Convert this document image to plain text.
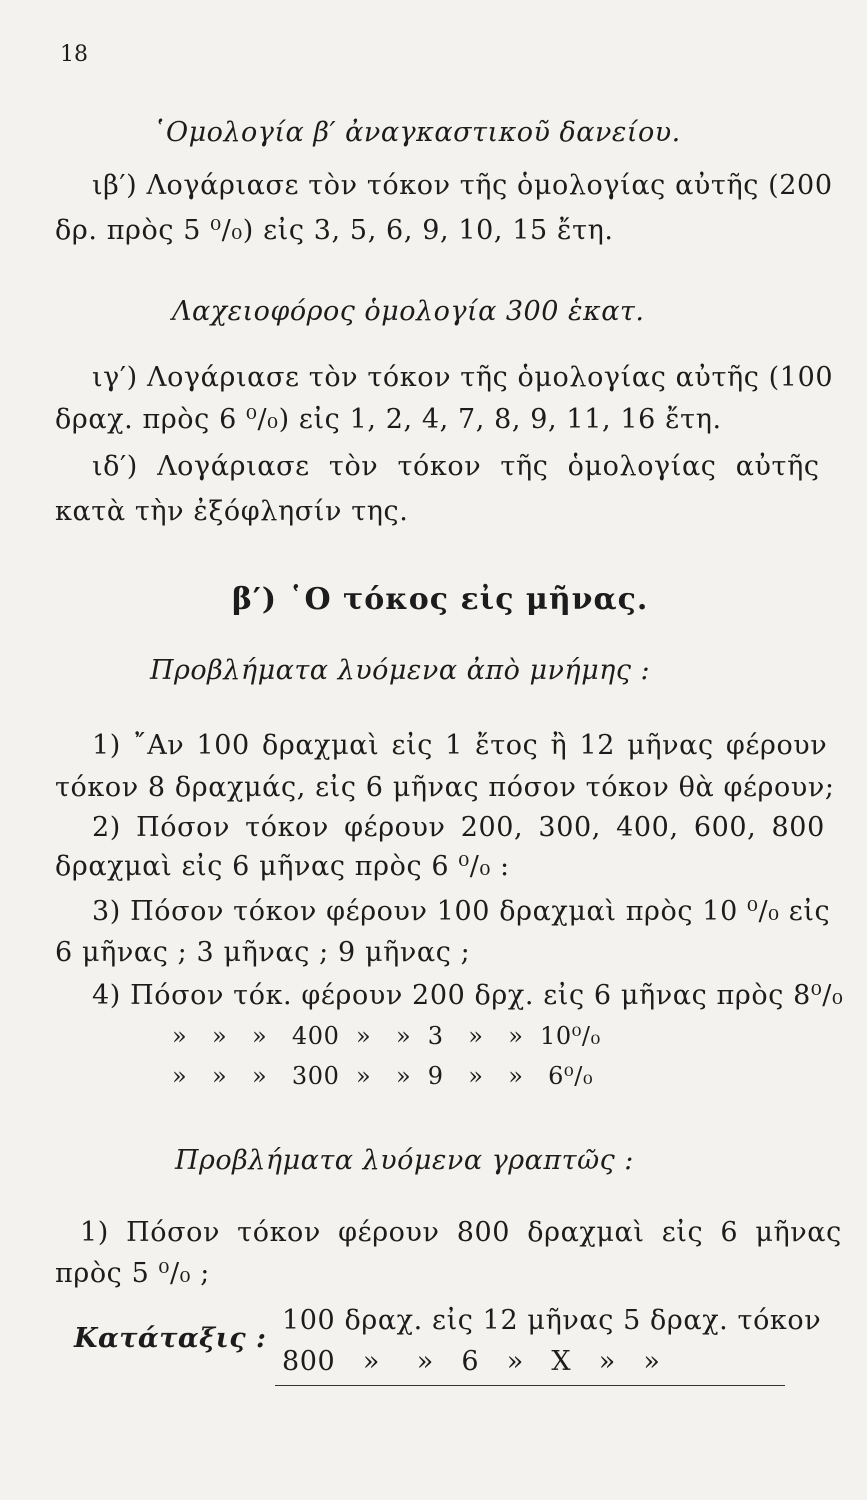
18
῾Ομολογία β′ ἀναγκαστικοῦ δανείου.
ιβ′) Λογάριασε τὸν τόκον τῆς ὁμολογίας αὐτῆς (200
δρ. πρὸς 5 ⁰/₀) εἰς 3, 5, 6, 9, 10, 15 ἔτη.
Λαχειοφόρος ὁμολογία 300 ἑκατ.
ιγ′) Λογάριασε τὸν τόκον τῆς ὁμολογίας αὐτῆς (100
δραχ. πρὸς 6 ⁰/₀) εἰς 1, 2, 4, 7, 8, 9, 11, 16 ἔτη.
ιδ′) Λογάριασε τὸν τόκον τῆς ὁμολογίας αὐτῆς
κατὰ τὴν ἐξόφλησίν της.
β′) ῾Ο τόκος εἰς μῆνας.
Προβλήματα λυόμενα ἀπὸ μνήμης :
1) ῎Αν 100 δραχμαὶ εἰς 1 ἔτος ἢ 12 μῆνας φέρουν
τόκον 8 δραχμάς, εἰς 6 μῆνας πόσον τόκον θὰ φέρουν;
2) Πόσον τόκον φέρουν 200, 300, 400, 600, 800
δραχμαὶ εἰς 6 μῆνας πρὸς 6 ⁰/₀ :
3) Πόσον τόκον φέρουν 100 δραχμαὶ πρὸς 10 ⁰/₀ εἰς
6 μῆνας ; 3 μῆνας ; 9 μῆνας ;
4) Πόσον τόκ. φέρουν 200 δρχ. εἰς 6 μῆνας πρὸς 8⁰/₀
»   »   »   400  »   »  3   »   »  10⁰/₀
»   »   »   300  »   »  9   »   »   6⁰/₀
Προβλήματα λυόμενα γραπτῶς :
1) Πόσον τόκον φέρουν 800 δραχμαὶ εἰς 6 μῆνας
πρὸς 5 ⁰/₀ ;
Κατάταξις :
100 δραχ. εἰς 12 μῆνας 5 δραχ. τόκον
800   »    »   6   »   X   »   »
